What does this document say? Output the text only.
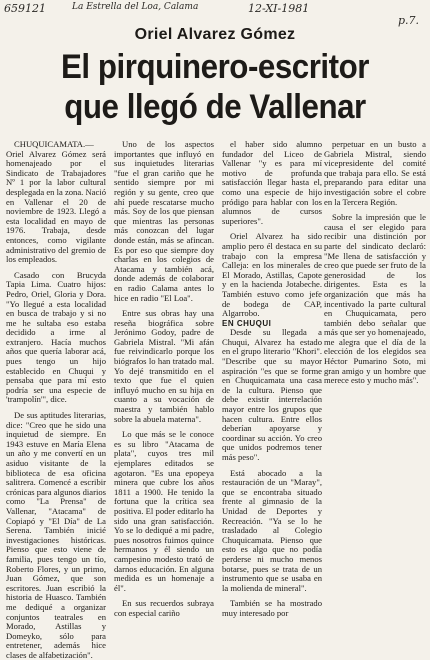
659121	12-XI-1981
p.7.
La Estrella del Loa, Calama
Oriel Alvarez Gómez
El pirquinero-escritor
que llegó de Vallenar

CHUQUICAMATA.— Oriel Alvarez Gómez será homenajeado por el Sindicato de Trabajadores Nº 1 por la labor cultural desplegada en la zona. Nació en Vallenar el 20 de noviembre de 1923. Llegó a esta localidad en mayo de 1976. Trabaja, desde entonces, como vigilante administrativo del gremio de los empleados.

Casado con Brucyda Tapia Lima. Cuatro hijos: Pedro, Oriel, Gloria y Dora. "Yo llegué a esta localidad en busca de trabajo y si no me he sultaba eso estaba decidido a irme al extranjero. Hacía muchos años que quería laborar acá, pues tengo un hijo establecido en Chuqui y pensaba que para mí esto podría ser una especie de 'trampolín'", dice.

De sus aptitudes literarias, dice: "Creo que he sido una inquietud de siempre. En 1943 estuve en María Elena un año y me convertí en un asiduo visitante de la biblioteca de esa oficina salitrera. Comencé a escribir crónicas para algunos diarios como "La Prensa" de Vallenar, "Atacama" de Copiapó y "El Día" de La Serena. También inicié investigaciones históricas. Pienso que esto viene de familia, pues tengo un tío, Roberto Flores, y un primo, Juan Gómez, que son escritores. Juan escribió la historia de Huasco. También me dediqué a organizar conjuntos teatrales en Morado, Astillas y Domeyko, sólo para entretener, además hice clases de alfabetización".

Uno de los aspectos importantes que influyó en sus inquietudes literarias "fue el gran cariño que he sentido siempre por mi región y su gente, creo que ahí puede rescatarse mucho más. Soy de los que piensan que mientras las personas más conozcan del lugar donde están, más se afincan. Es por eso que siempre doy charlas en los colegios de Atacama y también acá, donde además de colaborar en radio Calama antes lo hice en radio "El Loa".

Entre sus obras hay una reseña biográfica sobre Jerónimo Godoy, padre de Gabriela Mistral. "Mi afán fue reivindicarlo porque los biógrafos lo han tratado mal. Yo dejé transmitido en el texto que fue el quien influyó mucho en su hija en cuanto a su vocación de maestra y también hablo sobre la abuela materna".

Lo que más se le conoce es su libro "Atacama de plata", cuyos tres mil ejemplares editados se agotaron. "Es una epopeya minera que cubre los años 1811 a 1900. He tenido la fortuna que la crítica sea positiva. El poder editarlo ha sido una gran satisfacción. Yo se lo dediqué a mi padre, pues nosotros fuimos quince hermanos y él siendo un campesino modesto trató de darnos educación. En alguna medida es un homenaje a él".

En sus recuerdos subraya con especial cariño

el haber sido alumno fundador del Liceo de Vallenar "y es para mí motivo de profunda satisfacción llegar hasta el, como una especie de hijo pródigo para hablar con los alumnos de cursos superiores".

Oriel Alvarez ha sido amplio pero él destaca en su trabajo con la empresa Calleja: en los minerales de El Morado, Astillas, Capote y en la hacienda Jotabeche. También estuvo como jefe de bodega de CAP, Algarrobo.

EN CHUQUI

Desde su llegada a Chuqui, Alvarez ha estado en el grupo literario "Khori". "Describe que su mayor aspiración "es que se forme en Chuquicamata una casa de la cultura. Pienso que debe existir interrelación mayor entre los grupos que hacen cultura. Entre ellos deberían apoyarse y coordinar su acción. Yo creo que unidos podremos tener más peso".

Está abocado a la restauración de un "Maray", que se encontraba situado frente al gimnasio de la Unidad de Deportes y Recreación. "Ya se lo he trasladado al Colegio Chuquicamata. Pienso que esto es algo que no podía perderse ni mucho menos botarse, pues se trata de un instrumento que se usaba en la molienda de mineral".

También se ha mostrado muy interesado por

perpetuar en un busto a Gabriela Mistral, siendo vicepresidente del comité que trabaja para ello. Se está preparando para editar una investigación sobre el cobre en la Tercera Región.

Sobre la impresión que le causa el ser elegido para recibir una distinción por parte del sindicato declaró: "Me llena de satisfacción y creo que puede ser fruto de la generosidad de los dirigentes. Esta es la organización que más ha incentivado la parte cultural en Chuquicamata, pero también debo señalar que más que ser yo homenajeado, me alegra que el día de la elección de los elegidos sea Héctor Pumarino Soto, mi gran amigo y un hombre que merece esto y mucho más".
